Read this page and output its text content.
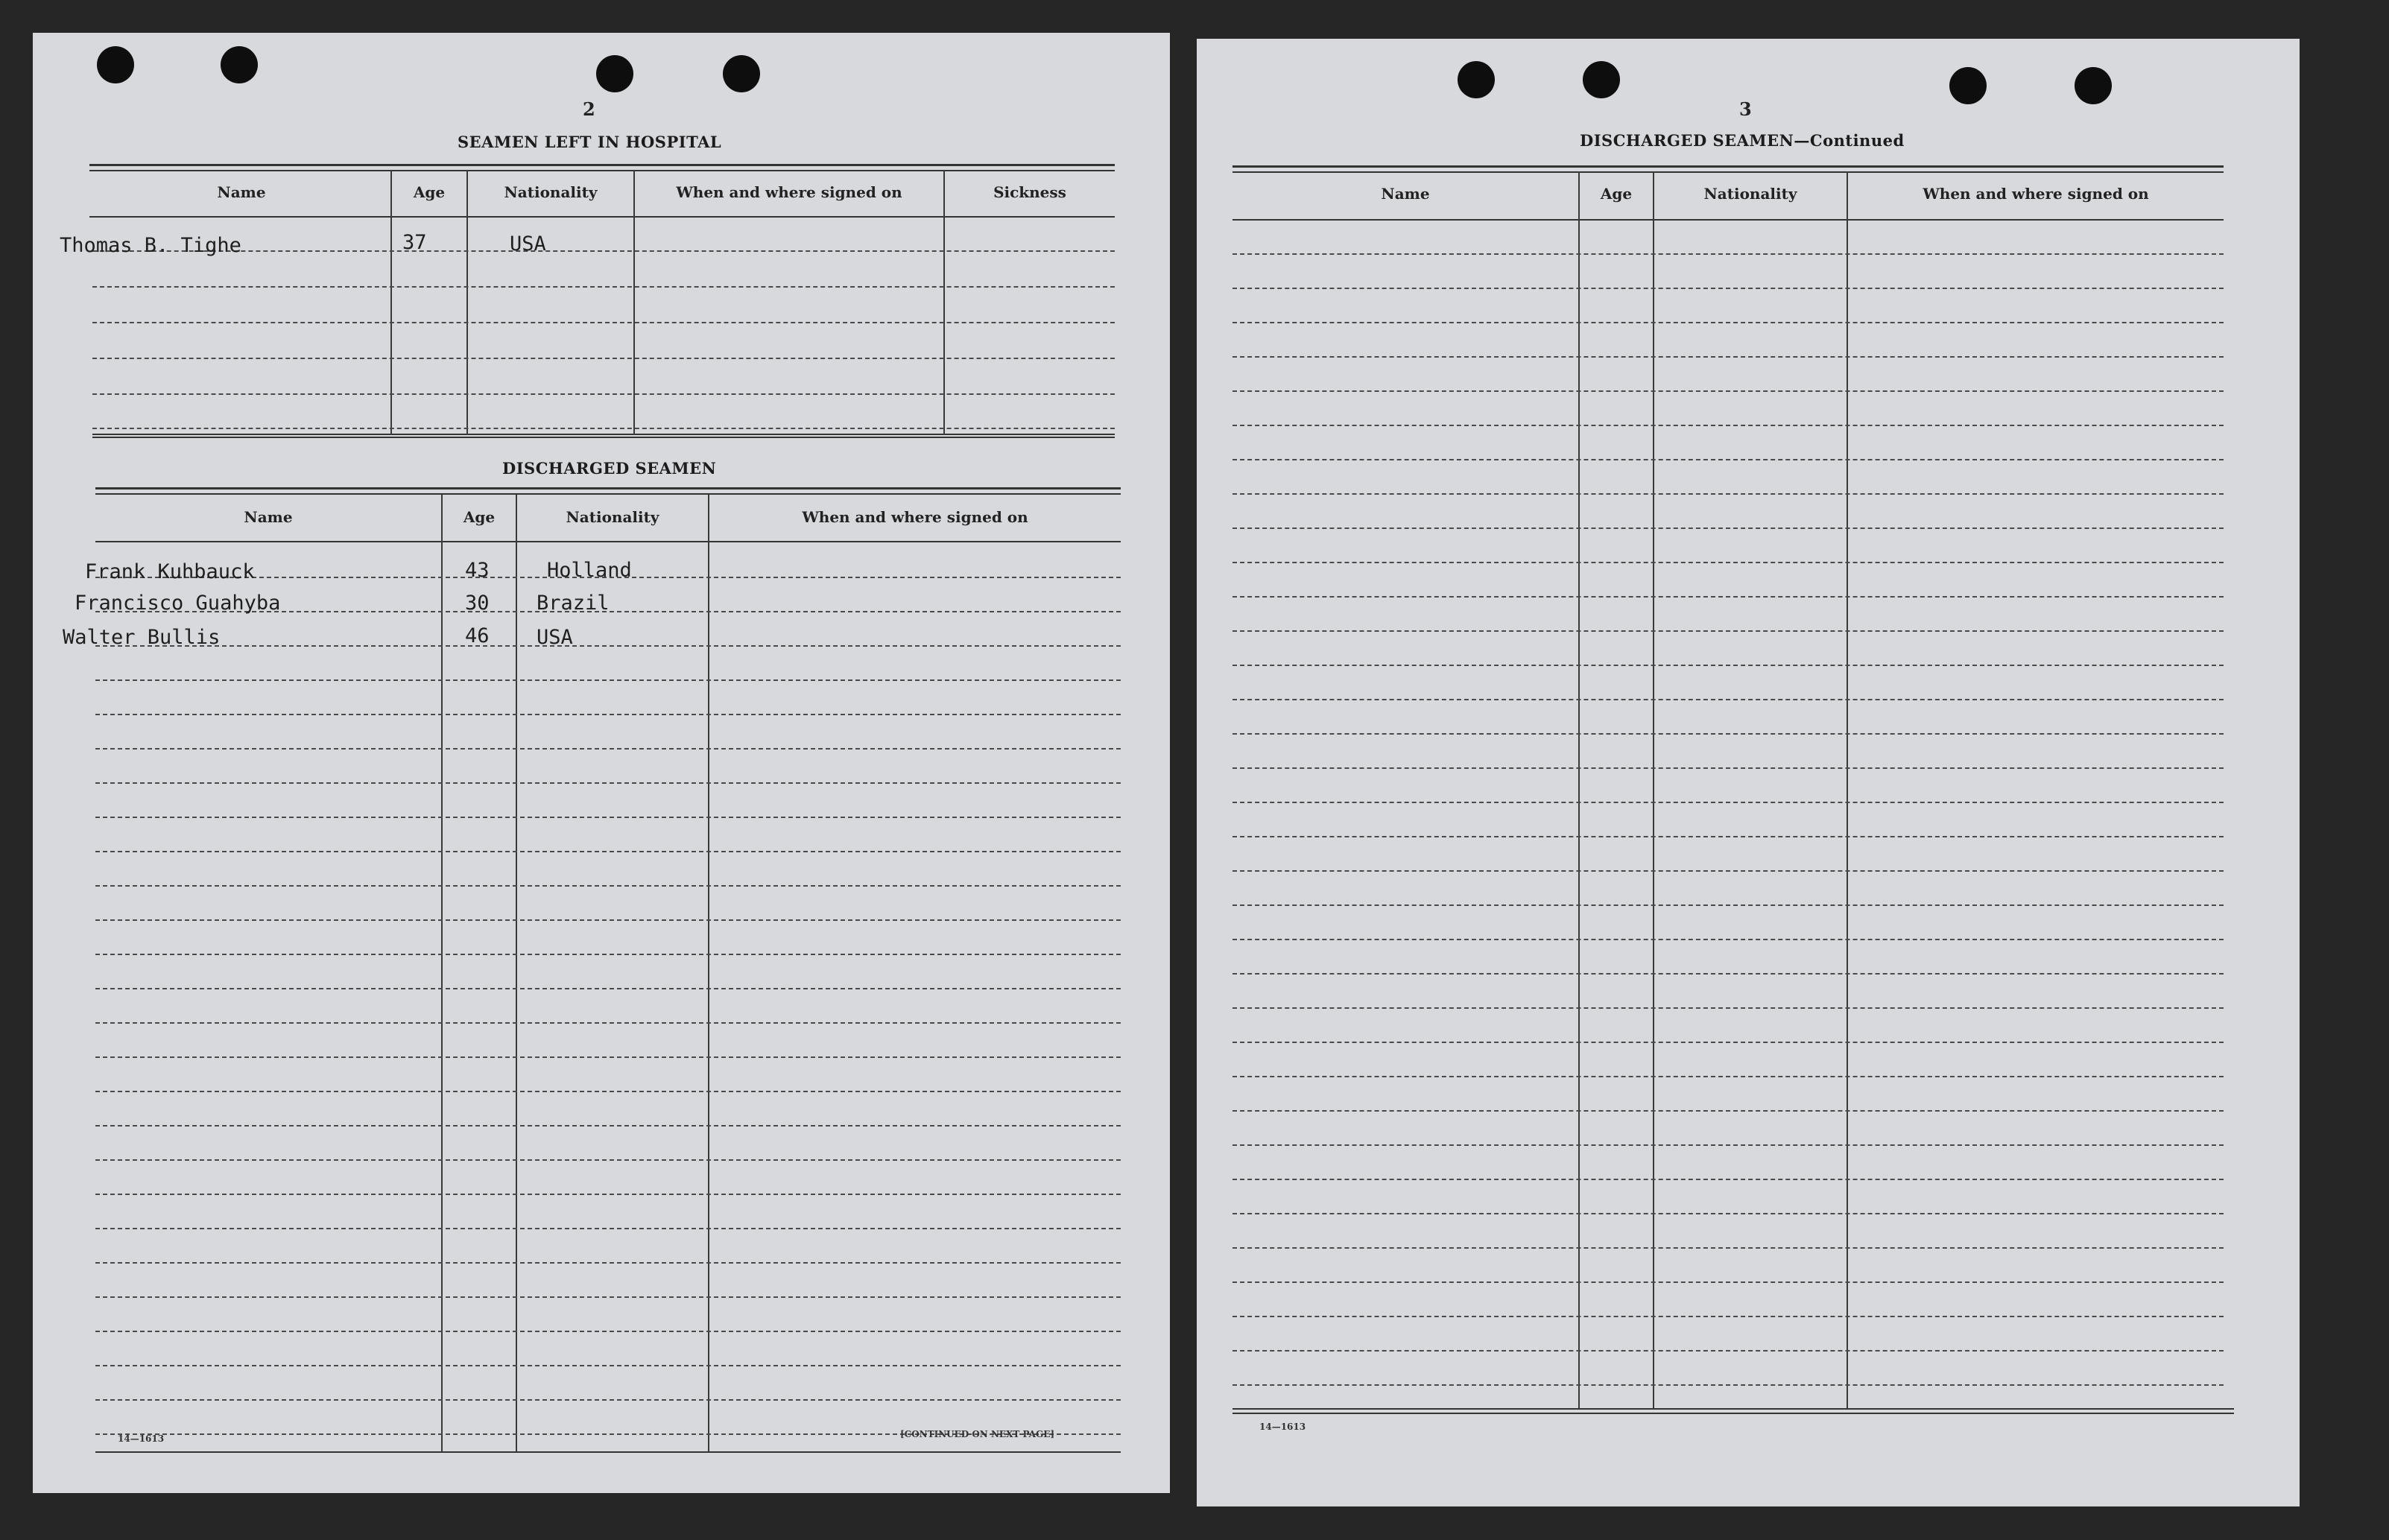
2
SEAMEN LEFT IN HOSPITAL
Name	Age	Nationality	When and where signed on	Sickness
Thomas B. Tighe	37	USA
DISCHARGED SEAMEN
Name	Age	Nationality	When and where signed on
Frank Kuhbauck	43	Holland
Francisco Guahyba	30 Brazil
Walter Bullis	46 USA
14—1613	[CONTINUED ON NEXT PAGE]
3
DISCHARGED SEAMEN—Continued
Name	Age	Nationality	When and where signed on
14—1613
